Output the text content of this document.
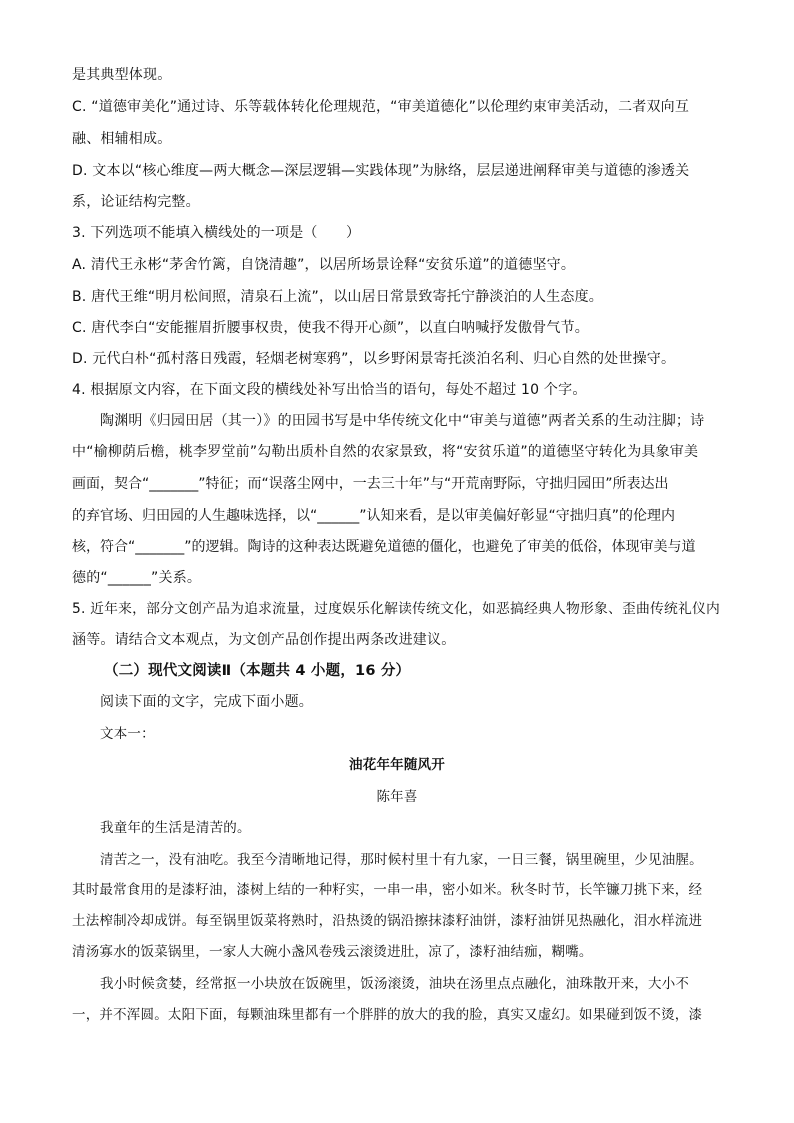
是其典型体现。
C. “道德审美化”通过诗、乐等载体转化伦理规范，“审美道德化”以伦理约束审美活动，二者双向互
融、相辅相成。
D. 文本以“核心维度—两大概念—深层逻辑—实践体现”为脉络，层层递进阐释审美与道德的渗透关
系，论证结构完整。
3. 下列选项不能填入横线处的一项是（　　）
A. 清代王永彬“茅舍竹篱，自饶清趣”，以居所场景诠释“安贫乐道”的道德坚守。
B. 唐代王维“明月松间照，清泉石上流”，以山居日常景致寄托宁静淡泊的人生态度。
C. 唐代李白“安能摧眉折腰事权贵，使我不得开心颜”，以直白呐喊抒发傲骨气节。
D. 元代白朴“孤村落日残霞，轻烟老树寒鸦”，以乡野闲景寄托淡泊名利、归心自然的处世操守。
4. 根据原文内容，在下面文段的横线处补写出恰当的语句，每处不超过 10 个字。
陶渊明《归园田居（其一）》的田园书写是中华传统文化中“审美与道德”两者关系的生动注脚；诗
中“榆柳荫后檐，桃李罗堂前”勾勒出质朴自然的农家景致，将“安贫乐道”的道德坚守转化为具象审美
画面，契合“_______”特征；而“误落尘网中，一去三十年”与“开荒南野际，守拙归园田”所表达出
的弃官场、归田园的人生趣味选择，以“______”认知来看，是以审美偏好彰显“守拙归真”的伦理内
核，符合“_______”的逻辑。陶诗的这种表达既避免道德的僵化，也避免了审美的低俗，体现审美与道
德的“______”关系。
5. 近年来，部分文创产品为追求流量，过度娱乐化解读传统文化，如恶搞经典人物形象、歪曲传统礼仪内
涵等。请结合文本观点，为文创产品创作提出两条改进建议。
（二）现代文阅读Ⅱ（本题共 4 小题，16 分）
阅读下面的文字，完成下面小题。
文本一：
油花年年随风开
陈年喜
我童年的生活是清苦的。
清苦之一，没有油吃。我至今清晰地记得，那时候村里十有九家，一日三餐，锅里碗里，少见油腥。
其时最常食用的是漆籽油，漆树上结的一种籽实，一串一串，密小如米。秋冬时节，长竿镰刀挑下来，经
土法榨制冷却成饼。每至锅里饭菜将熟时，沿热烫的锅沿擦抹漆籽油饼，漆籽油饼见热融化，泪水样流进
清汤寡水的饭菜锅里，一家人大碗小盏风卷残云滚烫进肚，凉了，漆籽油结痂，糊嘴。
我小时候贪婪，经常抠一小块放在饭碗里，饭汤滚烫，油块在汤里点点融化，油珠散开来，大小不
一，并不浑圆。太阳下面，每颗油珠里都有一个胖胖的放大的我的脸，真实又虚幻。如果碰到饭不烫，漆
